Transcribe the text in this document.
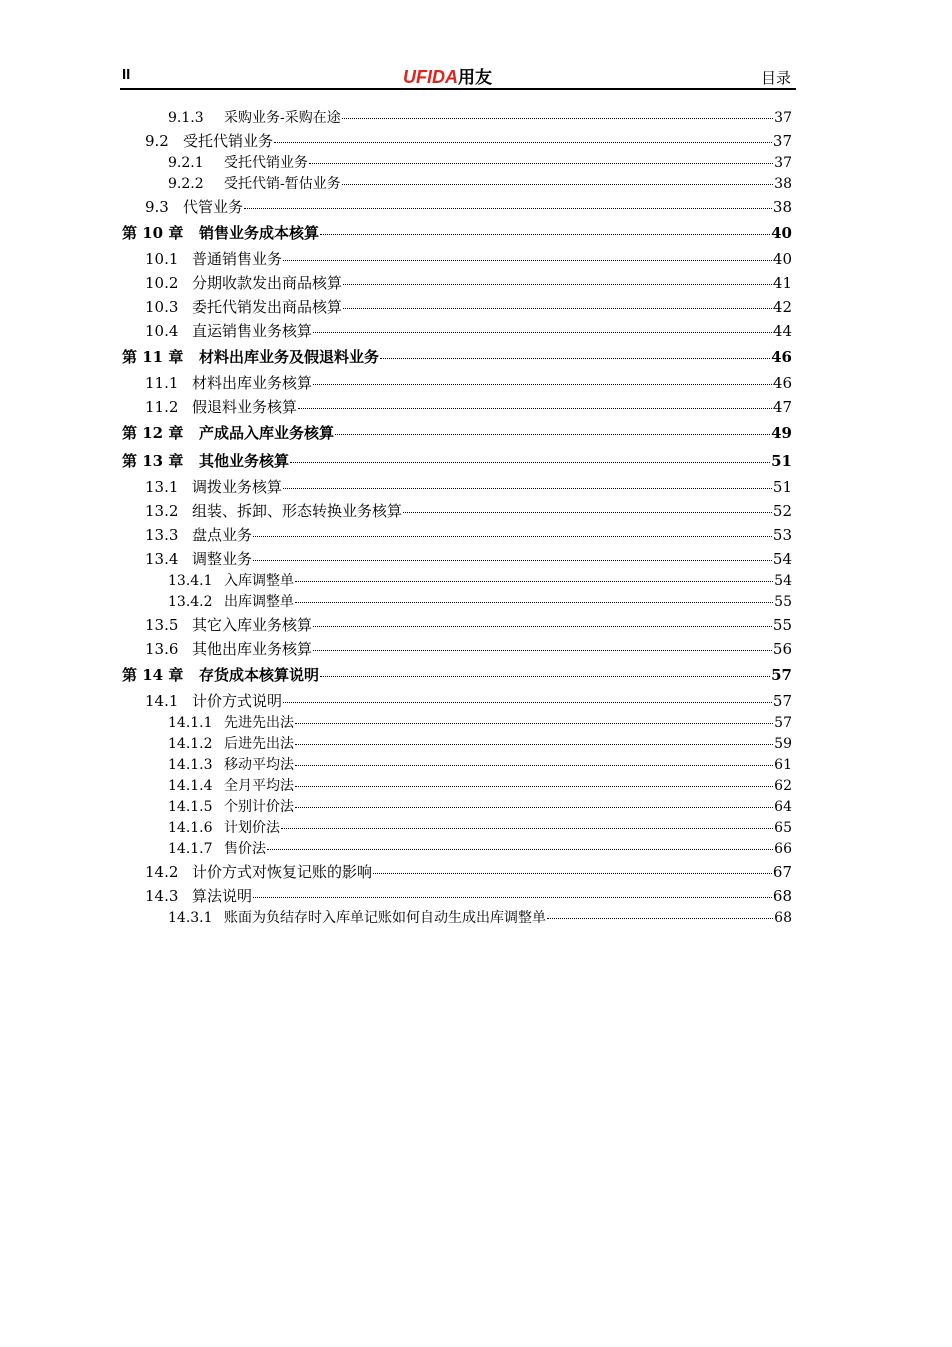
II	UFIDA用友	目录
9.1.3 采购业务-采购在途	37
9.2 受托代销业务	37
9.2.1 受托代销业务	37
9.2.2 受托代销-暂估业务	38
9.3 代管业务	38
第 10 章 销售业务成本核算	40
10.1 普通销售业务	40
10.2 分期收款发出商品核算	41
10.3 委托代销发出商品核算	42
10.4 直运销售业务核算	44
第 11 章 材料出库业务及假退料业务	46
11.1 材料出库业务核算	46
11.2 假退料业务核算	47
第 12 章 产成品入库业务核算	49
第 13 章 其他业务核算	51
13.1 调拨业务核算	51
13.2 组装、拆卸、形态转换业务核算	52
13.3 盘点业务	53
13.4 调整业务	54
13.4.1 入库调整单	54
13.4.2 出库调整单	55
13.5 其它入库业务核算	55
13.6 其他出库业务核算	56
第 14 章 存货成本核算说明	57
14.1 计价方式说明	57
14.1.1 先进先出法	57
14.1.2 后进先出法	59
14.1.3 移动平均法	61
14.1.4 全月平均法	62
14.1.5 个别计价法	64
14.1.6 计划价法	65
14.1.7 售价法	66
14.2 计价方式对恢复记账的影响	67
14.3 算法说明	68
14.3.1 账面为负结存时入库单记账如何自动生成出库调整单	68
